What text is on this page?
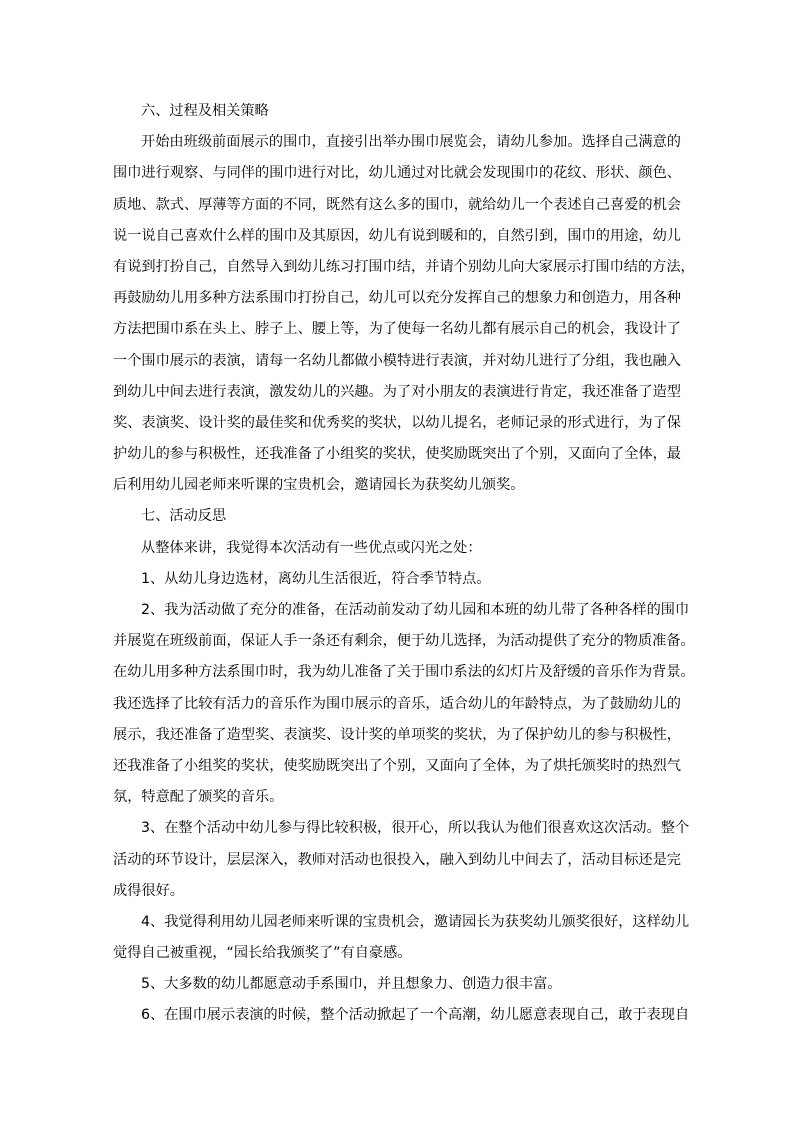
六、过程及相关策略
开始由班级前面展示的围巾，直接引出举办围巾展览会，请幼儿参加。选择自己满意的
围巾进行观察、与同伴的围巾进行对比，幼儿通过对比就会发现围巾的花纹、形状、颜色、
质地、款式、厚薄等方面的不同，既然有这么多的围巾，就给幼儿一个表述自己喜爱的机会
说一说自己喜欢什么样的围巾及其原因，幼儿有说到暖和的，自然引到，围巾的用途，幼儿
有说到打扮自己，自然导入到幼儿练习打围巾结，并请个别幼儿向大家展示打围巾结的方法，
再鼓励幼儿用多种方法系围巾打扮自己，幼儿可以充分发挥自己的想象力和创造力，用各种
方法把围巾系在头上、脖子上、腰上等，为了使每一名幼儿都有展示自己的机会，我设计了
一个围巾展示的表演，请每一名幼儿都做小模特进行表演，并对幼儿进行了分组，我也融入
到幼儿中间去进行表演，激发幼儿的兴趣。为了对小朋友的表演进行肯定，我还准备了造型
奖、表演奖、设计奖的最佳奖和优秀奖的奖状，以幼儿提名，老师记录的形式进行，为了保
护幼儿的参与积极性，还我准备了小组奖的奖状，使奖励既突出了个别，又面向了全体，最
后利用幼儿园老师来听课的宝贵机会，邀请园长为获奖幼儿颁奖。
七、活动反思
从整体来讲，我觉得本次活动有一些优点或闪光之处：
1、从幼儿身边选材，离幼儿生活很近，符合季节特点。
2、我为活动做了充分的准备，在活动前发动了幼儿园和本班的幼儿带了各种各样的围巾
并展览在班级前面，保证人手一条还有剩余，便于幼儿选择，为活动提供了充分的物质准备。
在幼儿用多种方法系围巾时，我为幼儿准备了关于围巾系法的幻灯片及舒缓的音乐作为背景。
我还选择了比较有活力的音乐作为围巾展示的音乐，适合幼儿的年龄特点，为了鼓励幼儿的
展示，我还准备了造型奖、表演奖、设计奖的单项奖的奖状，为了保护幼儿的参与积极性，
还我准备了小组奖的奖状，使奖励既突出了个别，又面向了全体，为了烘托颁奖时的热烈气
氛，特意配了颁奖的音乐。
3、在整个活动中幼儿参与得比较积极，很开心，所以我认为他们很喜欢这次活动。整个
活动的环节设计，层层深入，教师对活动也很投入，融入到幼儿中间去了，活动目标还是完
成得很好。
4、我觉得利用幼儿园老师来听课的宝贵机会，邀请园长为获奖幼儿颁奖很好，这样幼儿
觉得自己被重视，“园长给我颁奖了”有自豪感。
5、大多数的幼儿都愿意动手系围巾，并且想象力、创造力很丰富。
6、在围巾展示表演的时候，整个活动掀起了一个高潮，幼儿愿意表现自己，敢于表现自
